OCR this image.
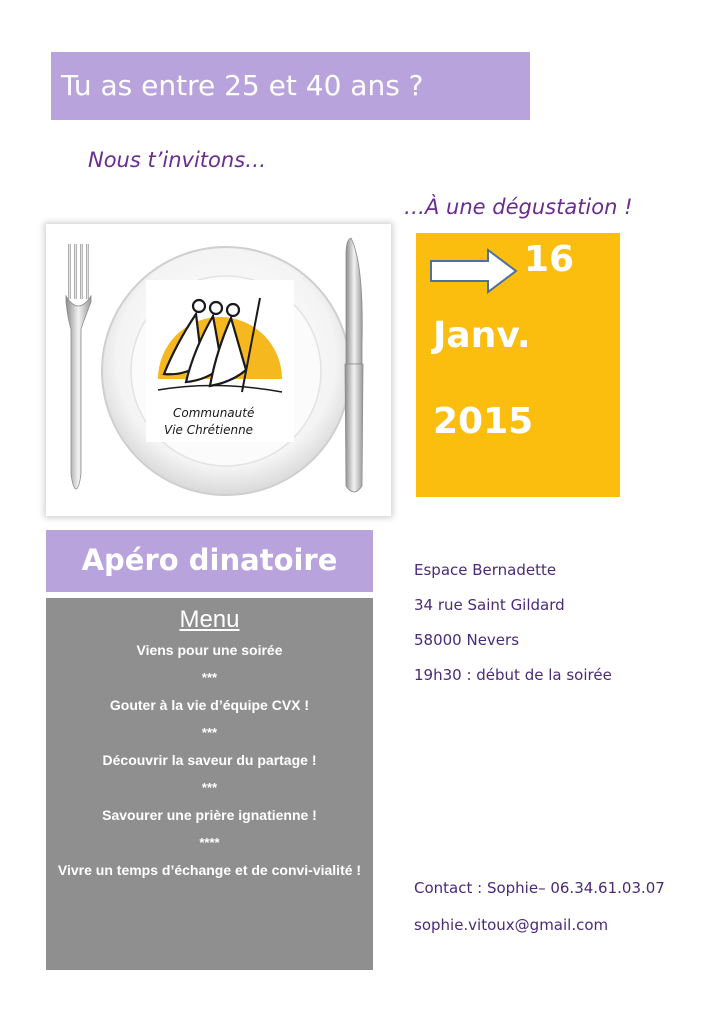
Tu as entre 25 et 40 ans ?
Nous t’invitons…
…À une dégustation !
Communauté
Vie Chrétienne
16
Janv.
2015
Apéro dinatoire
Menu
Viens pour une soirée
***
Gouter à la vie d’équipe CVX !
***
Découvrir la saveur du partage !
***
Savourer une prière ignatienne !
****
Vivre un temps d’échange et de convi-vialité !
Espace Bernadette
34 rue Saint Gildard
58000 Nevers
19h30 : début de la soirée
Contact : Sophie– 06.34.61.03.07
sophie.vitoux@gmail.com
